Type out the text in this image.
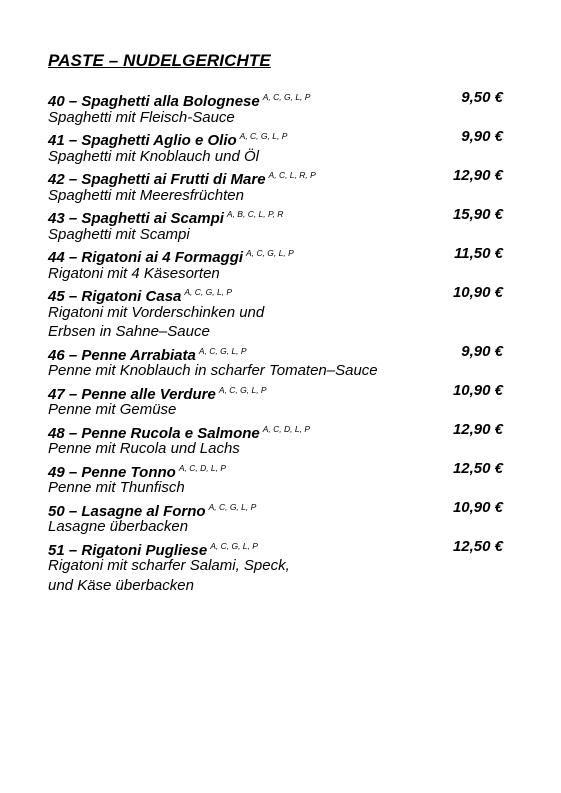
PASTE – NUDELGERICHTE
40 – Spaghetti alla Bolognese $^{A, C, G, L, P}$	9,50 €
Spaghetti mit Fleisch-Sauce
41 – Spaghetti Aglio e Olio $^{A, C, G, L, P}$	9,90 €
Spaghetti mit Knoblauch und Öl
42 – Spaghetti ai Frutti di Mare $^{A, C, L, R, P}$	12,90 €
Spaghetti mit Meeresfrüchten
43 – Spaghetti ai Scampi $^{A, B, C, L, P, R}$	15,90 €
Spaghetti mit Scampi
44 – Rigatoni ai 4 Formaggi $^{A, C, G, L, P}$	11,50 €
Rigatoni mit 4 Käsesorten
45 – Rigatoni Casa $^{A, C, G, L, P}$	10,90 €
Rigatoni mit Vorderschinken und
Erbsen in Sahne–Sauce
46 – Penne Arrabiata $^{A, C, G, L, P}$	9,90 €
Penne mit Knoblauch in scharfer Tomaten–Sauce
47 – Penne alle Verdure $^{A, C, G, L, P}$	10,90 €
Penne mit Gemüse
48 – Penne Rucola e Salmone $^{A, C, D, L, P}$	12,90 €
Penne mit Rucola und Lachs
49 – Penne Tonno $^{A, C, D, L, P}$	12,50 €
Penne mit Thunfisch
50 – Lasagne al Forno $^{A, C, G, L, P}$	10,90 €
Lasagne überbacken
51 – Rigatoni Pugliese $^{A, C, G, L, P}$	12,50 €
Rigatoni mit scharfer Salami, Speck,
und Käse überbacken
